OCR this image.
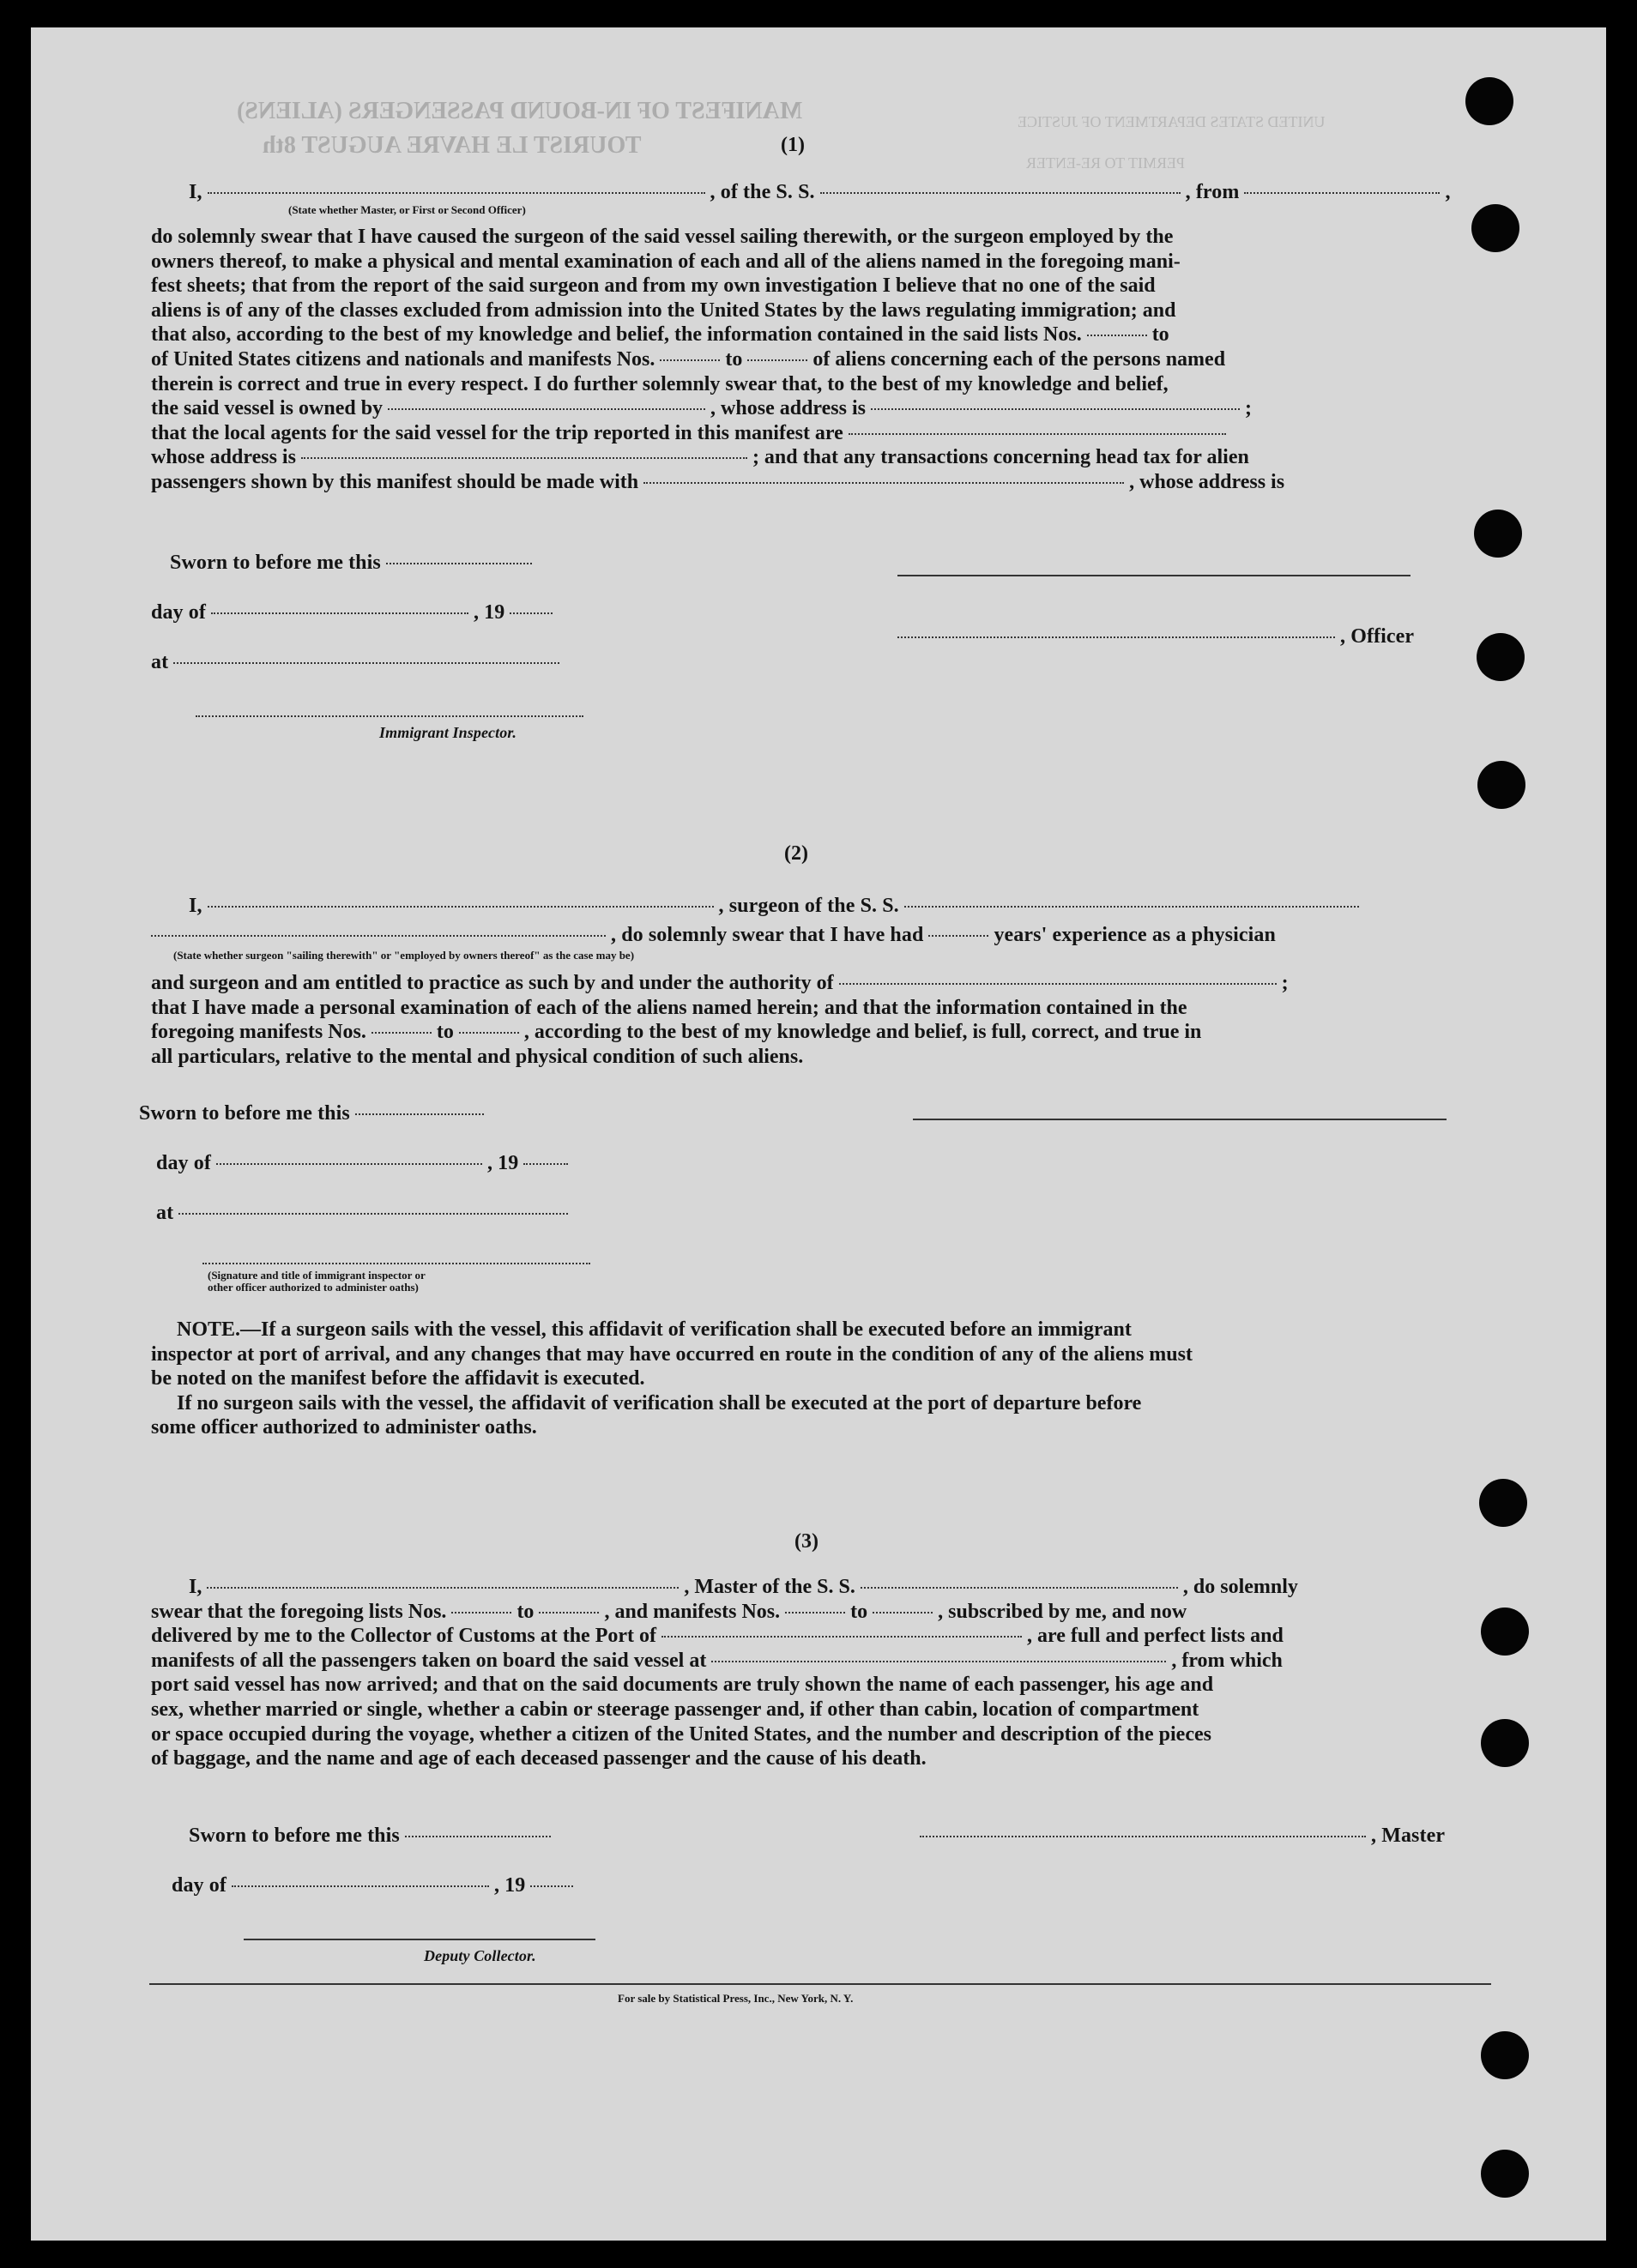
MANIFEST OF IN-BOUND PASSENGERS (ALIENS)
TOURIST LE HAVRE AUGUST 8th
PERMIT TO RE-ENTER
UNITED STATES DEPARTMENT OF JUSTICE
(1)
I,	, of the S. S.	, from	,
(State whether Master, or First or Second Officer)
do solemnly swear that I have caused the surgeon of the said vessel sailing therewith, or the surgeon employed by the
owners thereof, to make a physical and mental examination of each and all of the aliens named in the foregoing mani-
fest sheets; that from the report of the said surgeon and from my own investigation I believe that no one of the said
aliens is of any of the classes excluded from admission into the United States by the laws regulating immigration; and
that also, according to the best of my knowledge and belief, the information contained in the said lists Nos.	to
of United States citizens and nationals and manifests Nos.	to	of aliens concerning each of the persons named
therein is correct and true in every respect. I do further solemnly swear that, to the best of my knowledge and belief,
the said vessel is owned by	, whose address is	;
that the local agents for the said vessel for the trip reported in this manifest are
whose address is	; and that any transactions concerning head tax for alien
passengers shown by this manifest should be made with	, whose address is
Sworn to before me this
day of	, 19
, Officer
at
Immigrant Inspector.
(2)
I,	, surgeon of the S. S.
, do solemnly swear that I have had	years' experience as a physician
(State whether surgeon "sailing therewith" or "employed by owners thereof" as the case may be)
and surgeon and am entitled to practice as such by and under the authority of	;
that I have made a personal examination of each of the aliens named herein; and that the information contained in the
foregoing manifests Nos.	to	, according to the best of my knowledge and belief, is full, correct, and true in
all particulars, relative to the mental and physical condition of such aliens.
Sworn to before me this
day of	, 19
at
(Signature and title of immigrant inspector or
other officer authorized to administer oaths)
NOTE.—If a surgeon sails with the vessel, this affidavit of verification shall be executed before an immigrant
inspector at port of arrival, and any changes that may have occurred en route in the condition of any of the aliens must
be noted on the manifest before the affidavit is executed.
If no surgeon sails with the vessel, the affidavit of verification shall be executed at the port of departure before
some officer authorized to administer oaths.
(3)
I,	, Master of the S. S.	, do solemnly
swear that the foregoing lists Nos.	to	, and manifests Nos.	to	, subscribed by me, and now
delivered by me to the Collector of Customs at the Port of	, are full and perfect lists and
manifests of all the passengers taken on board the said vessel at	, from which
port said vessel has now arrived; and that on the said documents are truly shown the name of each passenger, his age and
sex, whether married or single, whether a cabin or steerage passenger and, if other than cabin, location of compartment
or space occupied during the voyage, whether a citizen of the United States, and the number and description of the pieces
of baggage, and the name and age of each deceased passenger and the cause of his death.
Sworn to before me this	, Master
day of	, 19
Deputy Collector.
For sale by Statistical Press, Inc., New York, N. Y.
